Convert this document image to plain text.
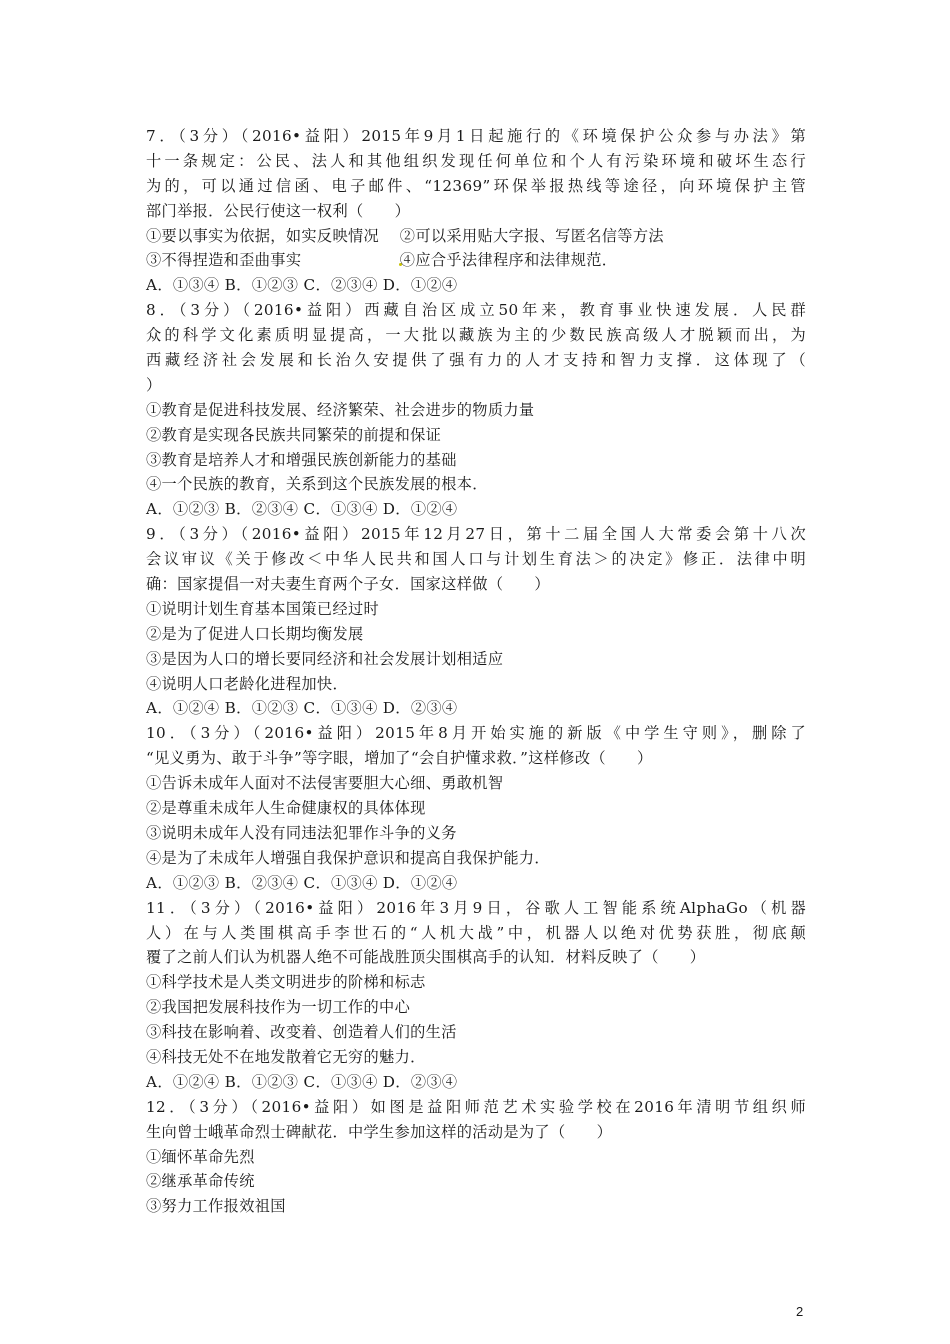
7．（3分）（2016•益阳）2015年9月1日起施行的《环境保护公众参与办法》第
十一条规定：公民、法人和其他组织发现任何单位和个人有污染环境和破坏生态行
为的，可以通过信函、电子邮件、“12369”环保举报热线等途径，向环境保护主管
部门举报．公民行使这一权利（　　）
①要以事实为依据，如实反映情况　 ②可以采用贴大字报、写匿名信等方法
③不得捏造和歪曲事实　　　　　　 ④应合乎法律程序和法律规范．
A．①③④ B．①②③ C．②③④ D．①②④
8．（3分）（2016•益阳）西藏自治区成立50年来，教育事业快速发展．人民群
众的科学文化素质明显提高，一大批以藏族为主的少数民族高级人才脱颖而出，为
西藏经济社会发展和长治久安提供了强有力的人才支持和智力支撑．这体现了（
）
①教育是促进科技发展、经济繁荣、社会进步的物质力量
②教育是实现各民族共同繁荣的前提和保证
③教育是培养人才和增强民族创新能力的基础
④一个民族的教育，关系到这个民族发展的根本．
A．①②③ B．②③④ C．①③④ D．①②④
9．（3分）（2016•益阳）2015年12月27日，第十二届全国人大常委会第十八次
会议审议《关于修改＜中华人民共和国人口与计划生育法＞的决定》修正．法律中明
确：国家提倡一对夫妻生育两个子女．国家这样做（　　）
①说明计划生育基本国策已经过时
②是为了促进人口长期均衡发展
③是因为人口的增长要同经济和社会发展计划相适应
④说明人口老龄化进程加快．
A．①②④ B．①②③ C．①③④ D．②③④
10．（3分）（2016•益阳）2015年8月开始实施的新版《中学生守则》，删除了
“见义勇为、敢于斗争”等字眼，增加了“会自护懂求救．”这样修改（　　）
①告诉未成年人面对不法侵害要胆大心细、勇敢机智
②是尊重未成年人生命健康权的具体体现
③说明未成年人没有同违法犯罪作斗争的义务
④是为了未成年人增强自我保护意识和提高自我保护能力．
A．①②③ B．②③④ C．①③④ D．①②④
11．（3分）（2016•益阳）2016年3月9日，谷歌人工智能系统AlphaGo（机器
人）在与人类围棋高手李世石的“人机大战”中，机器人以绝对优势获胜，彻底颠
覆了之前人们认为机器人绝不可能战胜顶尖围棋高手的认知．材料反映了（　　）
①科学技术是人类文明进步的阶梯和标志
②我国把发展科技作为一切工作的中心
③科技在影响着、改变着、创造着人们的生活
④科技无处不在地发散着它无穷的魅力．
A．①②④ B．①②③ C．①③④ D．②③④
12．（3分）（2016•益阳）如图是益阳师范艺术实验学校在2016年清明节组织师
生向曾士峨革命烈士碑献花．中学生参加这样的活动是为了（　　）
①缅怀革命先烈
②继承革命传统
③努力工作报效祖国
2
